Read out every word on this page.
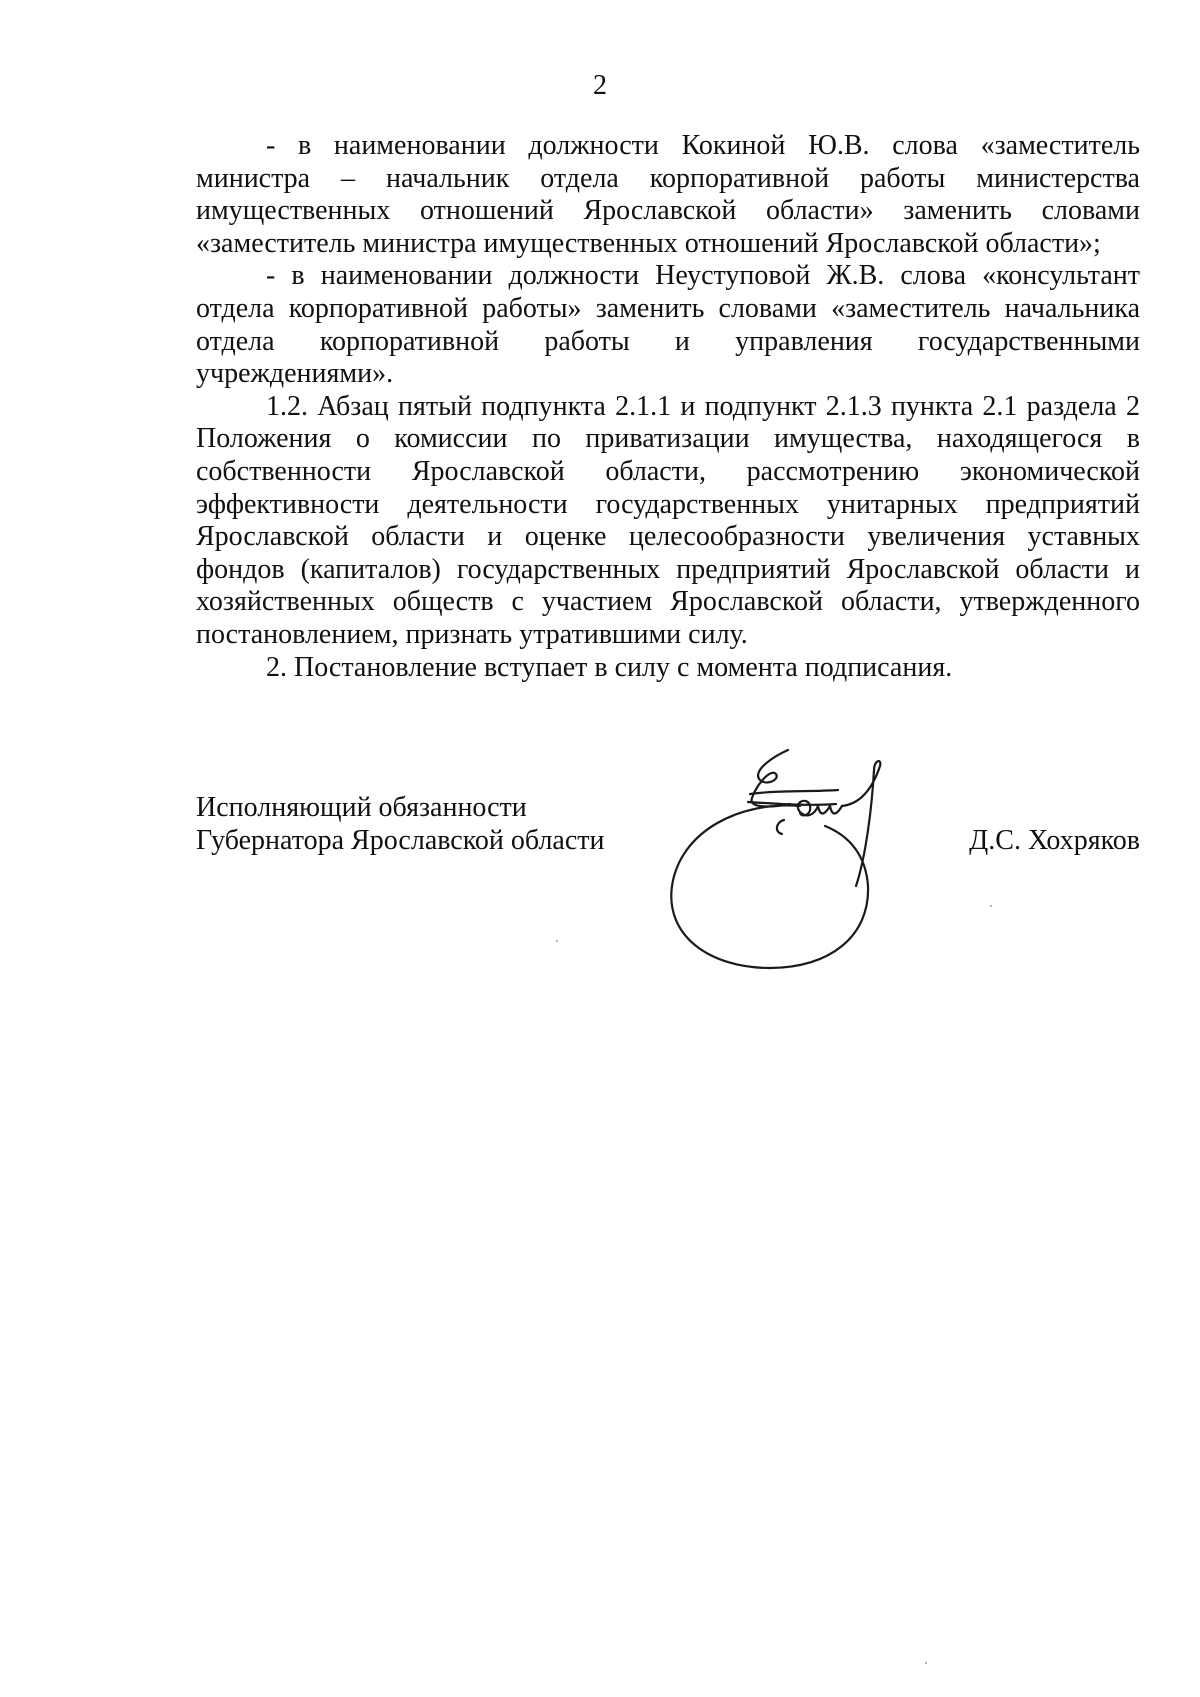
2

- в наименовании должности Кокиной Ю.В. слова «заместитель министра – начальник отдела корпоративной работы министерства имущественных отношений Ярославской области» заменить словами «заместитель министра имущественных отношений Ярославской области»;

- в наименовании должности Неуступовой Ж.В. слова «консультант отдела корпоративной работы» заменить словами «заместитель начальника отдела корпоративной работы и управления государственными учреждениями».

1.2. Абзац пятый подпункта 2.1.1 и подпункт 2.1.3 пункта 2.1 раздела 2 Положения о комиссии по приватизации имущества, находящегося в собственности Ярославской области, рассмотрению экономической эффективности деятельности государственных унитарных предприятий Ярославской области и оценке целесообразности увеличения уставных фондов (капиталов) государственных предприятий Ярославской области и хозяйственных обществ с участием Ярославской области, утвержденного постановлением, признать утратившими силу.

2. Постановление вступает в силу с момента подписания.

Исполняющий обязанности
Губернатора Ярославской области	Д.С. Хохряков
